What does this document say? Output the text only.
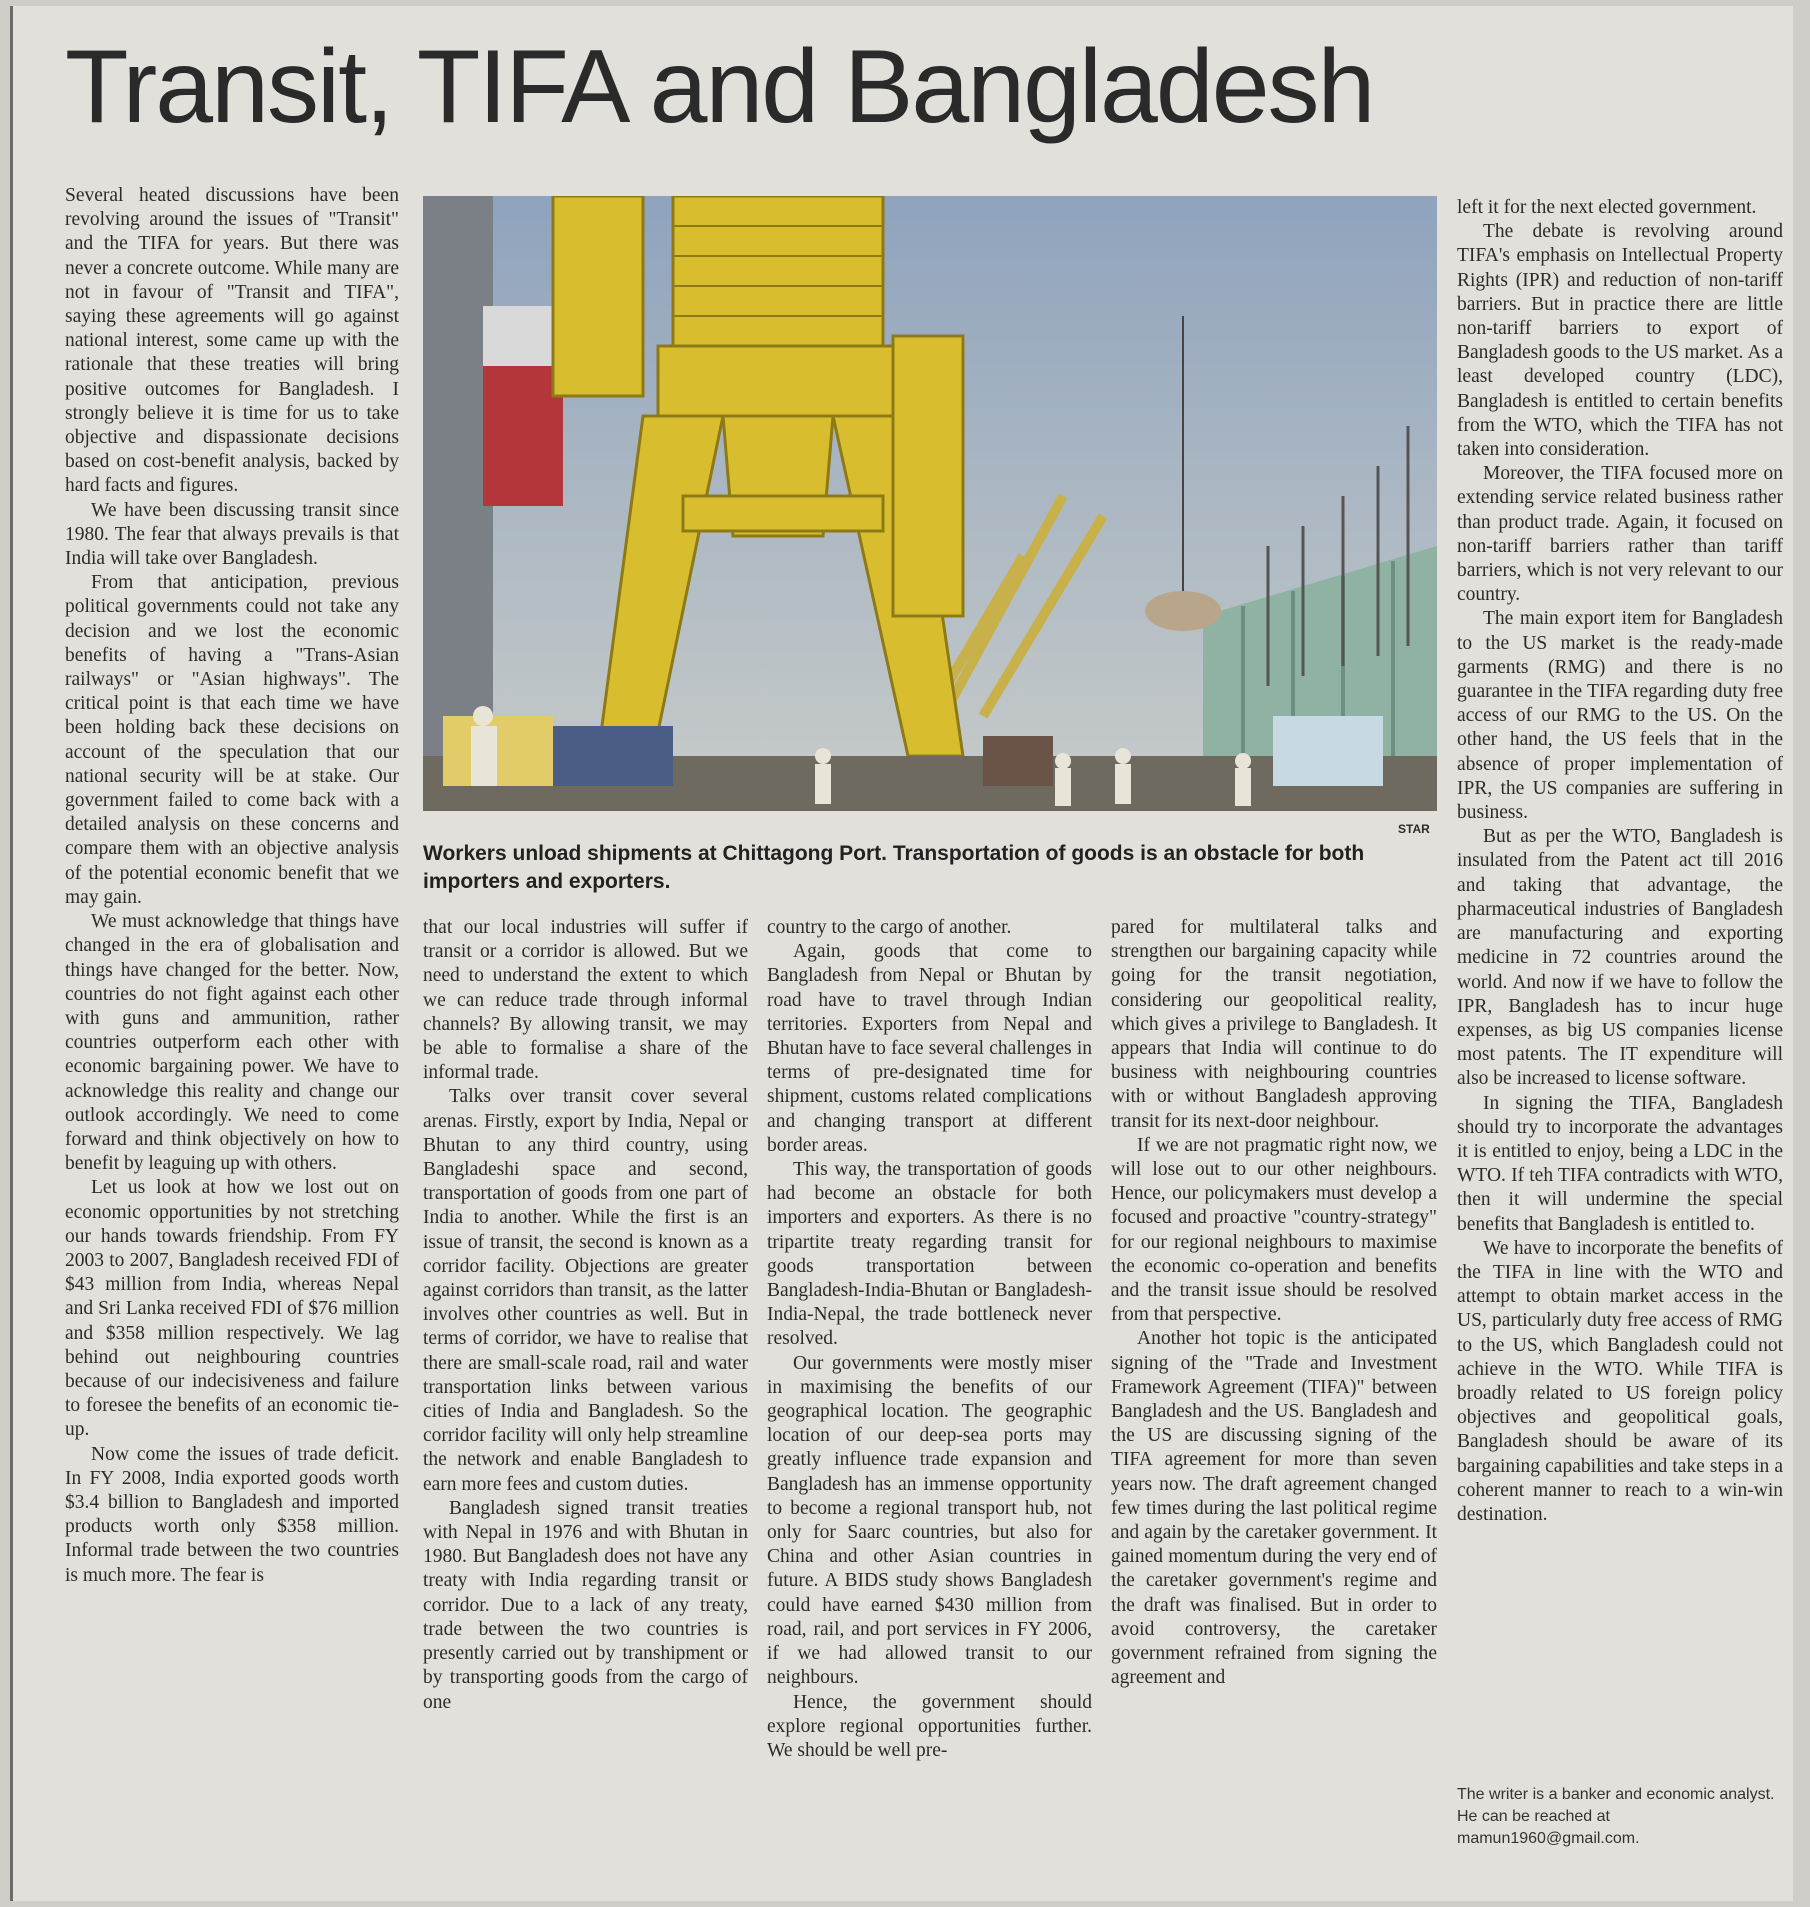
Transit, TIFA and Bangladesh

Several heated discussions have been revolving around the issues of "Transit" and the TIFA for years. But there was never a concrete outcome. While many are not in favour of "Transit and TIFA", saying these agreements will go against national interest, some came up with the rationale that these treaties will bring positive outcomes for Bangladesh. I strongly believe it is time for us to take objective and dispassionate decisions based on cost-benefit analysis, backed by hard facts and figures.

We have been discussing transit since 1980. The fear that always prevails is that India will take over Bangladesh.

From that anticipation, previous political governments could not take any decision and we lost the economic benefits of having a "Trans-Asian railways" or "Asian highways". The critical point is that each time we have been holding back these decisions on account of the speculation that our national security will be at stake. Our government failed to come back with a detailed analysis on these concerns and compare them with an objective analysis of the potential economic benefit that we may gain.

We must acknowledge that things have changed in the era of globalisation and things have changed for the better. Now, countries do not fight against each other with guns and ammunition, rather countries outperform each other with economic bargaining power. We have to acknowledge this reality and change our outlook accordingly. We need to come forward and think objectively on how to benefit by leaguing up with others.

Let us look at how we lost out on economic opportunities by not stretching our hands towards friendship. From FY 2003 to 2007, Bangladesh received FDI of $43 million from India, whereas Nepal and Sri Lanka received FDI of $76 million and $358 million respectively. We lag behind out neighbouring countries because of our indecisiveness and failure to foresee the benefits of an economic tie-up.

Now come the issues of trade deficit. In FY 2008, India exported goods worth $3.4 billion to Bangladesh and imported products worth only $358 million. Informal trade between the two countries is much more. The fear is

STAR

Workers unload shipments at Chittagong Port. Transportation of goods is an obstacle for both importers and exporters.

that our local industries will suffer if transit or a corridor is allowed. But we need to understand the extent to which we can reduce trade through informal channels? By allowing transit, we may be able to formalise a share of the informal trade.

Talks over transit cover several arenas. Firstly, export by India, Nepal or Bhutan to any third country, using Bangladeshi space and second, transportation of goods from one part of India to another. While the first is an issue of transit, the second is known as a corridor facility. Objections are greater against corridors than transit, as the latter involves other countries as well. But in terms of corridor, we have to realise that there are small-scale road, rail and water transportation links between various cities of India and Bangladesh. So the corridor facility will only help streamline the network and enable Bangladesh to earn more fees and custom duties.

Bangladesh signed transit treaties with Nepal in 1976 and with Bhutan in 1980. But Bangladesh does not have any treaty with India regarding transit or corridor. Due to a lack of any treaty, trade between the two countries is presently carried out by transhipment or by transporting goods from the cargo of one

country to the cargo of another.

Again, goods that come to Bangladesh from Nepal or Bhutan by road have to travel through Indian territories. Exporters from Nepal and Bhutan have to face several challenges in terms of pre-designated time for shipment, customs related complications and changing transport at different border areas.

This way, the transportation of goods had become an obstacle for both importers and exporters. As there is no tripartite treaty regarding transit for goods transportation between Bangladesh-India-Bhutan or Bangladesh-India-Nepal, the trade bottleneck never resolved.

Our governments were mostly miser in maximising the benefits of our geographical location. The geographic location of our deep-sea ports may greatly influence trade expansion and Bangladesh has an immense opportunity to become a regional transport hub, not only for Saarc countries, but also for China and other Asian countries in future. A BIDS study shows Bangladesh could have earned $430 million from road, rail, and port services in FY 2006, if we had allowed transit to our neighbours.

Hence, the government should explore regional opportunities further. We should be well pre-

pared for multilateral talks and strengthen our bargaining capacity while going for the transit negotiation, considering our geopolitical reality, which gives a privilege to Bangladesh. It appears that India will continue to do business with neighbouring countries with or without Bangladesh approving transit for its next-door neighbour.

If we are not pragmatic right now, we will lose out to our other neighbours. Hence, our policymakers must develop a focused and proactive "country-strategy" for our regional neighbours to maximise the economic co-operation and benefits and the transit issue should be resolved from that perspective.

Another hot topic is the anticipated signing of the "Trade and Investment Framework Agreement (TIFA)" between Bangladesh and the US. Bangladesh and the US are discussing signing of the TIFA agreement for more than seven years now. The draft agreement changed few times during the last political regime and again by the caretaker government. It gained momentum during the very end of the caretaker government's regime and the draft was finalised. But in order to avoid controversy, the caretaker government refrained from signing the agreement and

left it for the next elected government.

The debate is revolving around TIFA's emphasis on Intellectual Property Rights (IPR) and reduction of non-tariff barriers. But in practice there are little non-tariff barriers to export of Bangladesh goods to the US market. As a least developed country (LDC), Bangladesh is entitled to certain benefits from the WTO, which the TIFA has not taken into consideration.

Moreover, the TIFA focused more on extending service related business rather than product trade. Again, it focused on non-tariff barriers rather than tariff barriers, which is not very relevant to our country.

The main export item for Bangladesh to the US market is the ready-made garments (RMG) and there is no guarantee in the TIFA regarding duty free access of our RMG to the US. On the other hand, the US feels that in the absence of proper implementation of IPR, the US companies are suffering in business.

But as per the WTO, Bangladesh is insulated from the Patent act till 2016 and taking that advantage, the pharmaceutical industries of Bangladesh are manufacturing and exporting medicine in 72 countries around the world. And now if we have to follow the IPR, Bangladesh has to incur huge expenses, as big US companies license most patents. The IT expenditure will also be increased to license software.

In signing the TIFA, Bangladesh should try to incorporate the advantages it is entitled to enjoy, being a LDC in the WTO. If teh TIFA contradicts with WTO, then it will undermine the special benefits that Bangladesh is entitled to.

We have to incorporate the benefits of the TIFA in line with the WTO and attempt to obtain market access in the US, particularly duty free access of RMG to the US, which Bangladesh could not achieve in the WTO. While TIFA is broadly related to US foreign policy objectives and geopolitical goals, Bangladesh should be aware of its bargaining capabilities and take steps in a coherent manner to reach to a win-win destination.

The writer is a banker and economic analyst. He can be reached at mamun1960@gmail.com.
